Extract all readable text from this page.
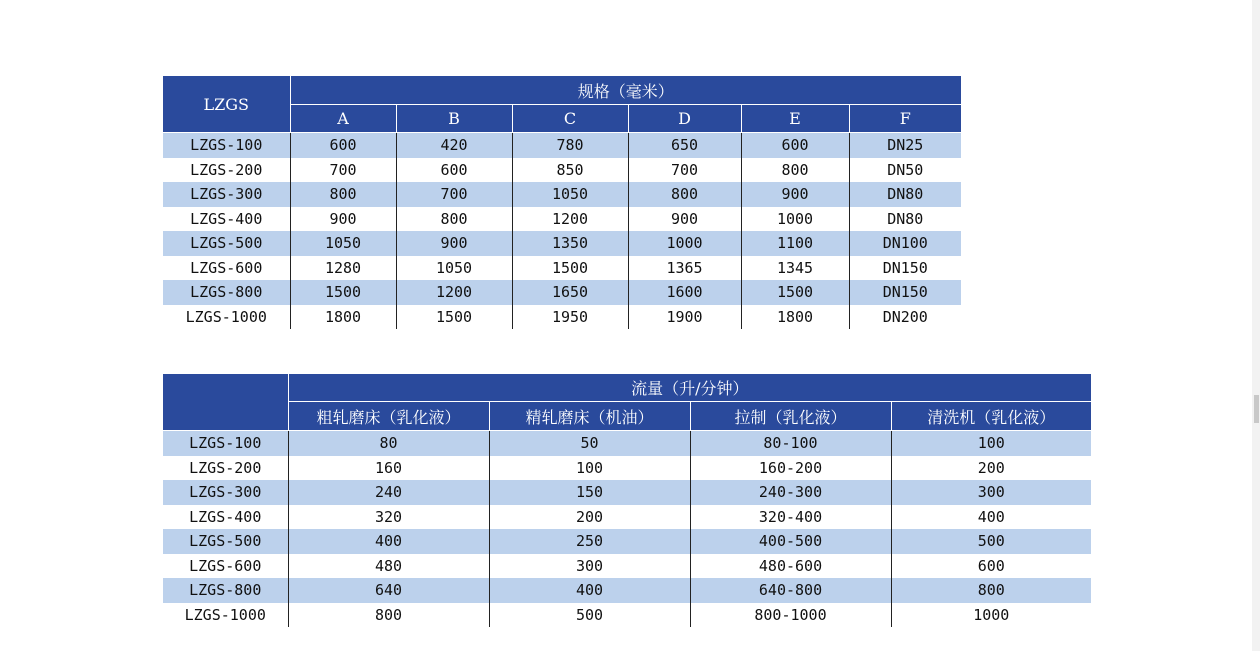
LZGS	规格（毫米）					
	A	B	C	D	E	F
LZGS-100	600	420	780	650	600	DN25
LZGS-200	700	600	850	700	800	DN50
LZGS-300	800	700	1050	800	900	DN80
LZGS-400	900	800	1200	900	1000	DN80
LZGS-500	1050	900	1350	1000	1100	DN100
LZGS-600	1280	1050	1500	1365	1345	DN150
LZGS-800	1500	1200	1650	1600	1500	DN150
LZGS-1000	1800	1500	1950	1900	1800	DN200
	流量（升/分钟）			
	粗轧磨床（乳化液）	精轧磨床（机油）	拉制（乳化液）	清洗机（乳化液）
LZGS-100	80	50	80-100	100
LZGS-200	160	100	160-200	200
LZGS-300	240	150	240-300	300
LZGS-400	320	200	320-400	400
LZGS-500	400	250	400-500	500
LZGS-600	480	300	480-600	600
LZGS-800	640	400	640-800	800
LZGS-1000	800	500	800-1000	1000
